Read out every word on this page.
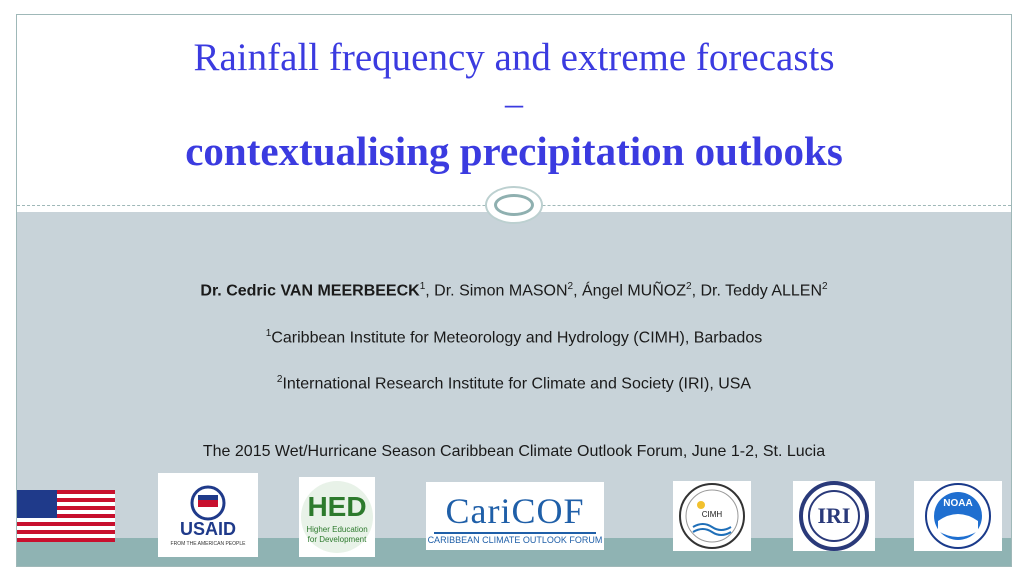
Rainfall frequency and extreme forecasts
–
contextualising precipitation outlooks
Dr. Cedric VAN MEERBEECK$^1$, Dr. Simon MASON$^2$, Ángel MUÑOZ$^2$, Dr. Teddy ALLEN$^2$
$^1$Caribbean Institute for Meteorology and Hydrology (CIMH), Barbados
$^2$International Research Institute for Climate and Society (IRI), USA
The 2015 Wet/Hurricane Season Caribbean Climate Outlook Forum, June 1-2, St. Lucia
USAID
FROM THE AMERICAN PEOPLE
HED
Higher Education
for Development
CariCOF
CARIBBEAN CLIMATE OUTLOOK FORUM
CIMH	IRI	NOAA
